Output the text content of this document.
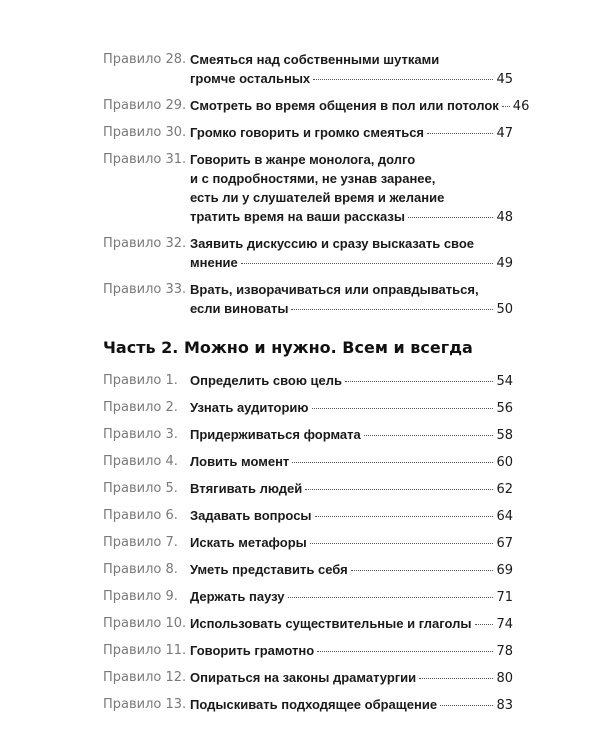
Правило 28. Смеяться над собственными шутками
громче остальных	45
Правило 29. Смотреть во время общения в пол или потолок 46
Правило 30. Громко говорить и громко смеяться	47
Правило 31. Говорить в жанре монолога, долго
и с подробностями, не узнав заранее,
есть ли у слушателей время и желание
тратить время на ваши рассказы	48
Правило 32. Заявить дискуссию и сразу высказать свое
мнение	49
Правило 33. Врать, изворачиваться или оправдываться,
если виноваты	50
Часть 2. Можно и нужно. Всем и всегда
Правило 1. Определить свою цель	54
Правило 2. Узнать аудиторию	56
Правило 3. Придерживаться формата	58
Правило 4. Ловить момент	60
Правило 5. Втягивать людей	62
Правило 6. Задавать вопросы	64
Правило 7. Искать метафоры	67
Правило 8. Уметь представить себя	69
Правило 9. Держать паузу	71
Правило 10. Использовать существительные и глаголы 74
Правило 11. Говорить грамотно	78
Правило 12. Опираться на законы драматургии	80
Правило 13. Подыскивать подходящее обращение	83
